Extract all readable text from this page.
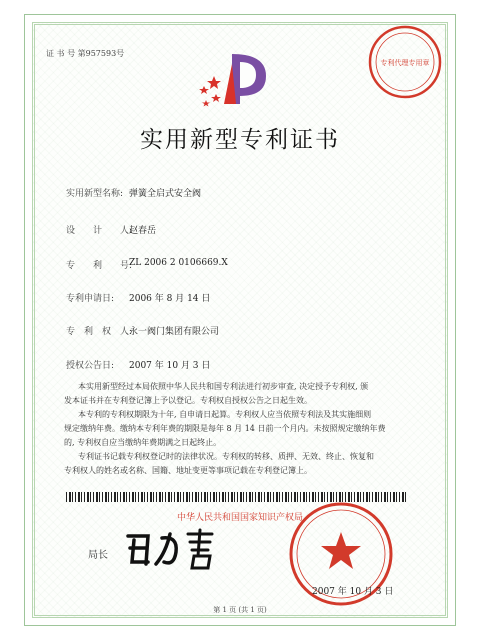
证 书 号 第957593号
专利代理专用章
实用新型专利证书
实用新型名称: 弹簧全启式安全阀
设　　计　　人:
赵春岳
专　　利　　号:
ZL 2006 2 0106669.X
专利申请日: 2006 年 8 月 14 日
专　利　权　人:
永一阀门集团有限公司
授权公告日: 2007 年 10 月 3 日
本实用新型经过本局依照中华人民共和国专利法进行初步审查, 决定授予专利权, 颁
发本证书并在专利登记簿上予以登记。专利权自授权公告之日起生效。
本专利的专利权期限为十年, 自申请日起算。专利权人应当依照专利法及其实施细则
规定缴纳年费。缴纳本专利年费的期限是每年 8 月 14 日前一个月内。未按照规定缴纳年费
的, 专利权自应当缴纳年费期满之日起终止。
专利证书记载专利权登记时的法律状况。专利权的转移、质押、无效、终止、恢复和
专利权人的姓名或名称、国籍、地址变更等事项记载在专利登记簿上。
局长
中华人民共和国国家知识产权局
2007 年 10 月 3 日
第 1 页 (共 1 页)
